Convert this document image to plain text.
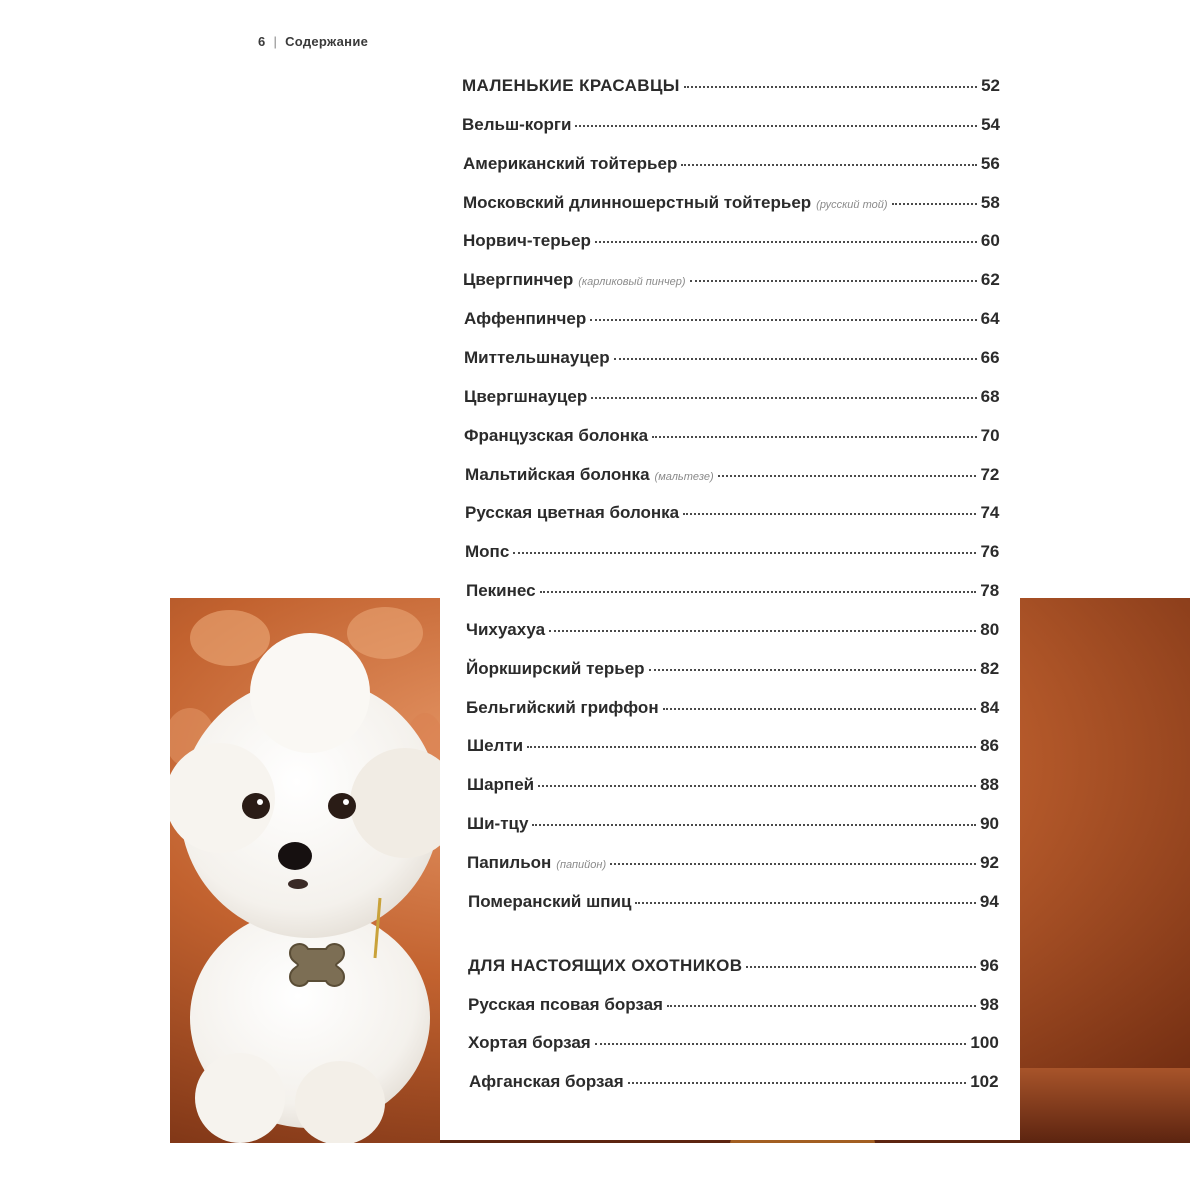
6 | Содержание
МАЛЕНЬКИЕ КРАСАВЦЫ	52
Вельш-корги	54
Американский тойтерьер	56
Московский длинношерстный тойтерьер (русский той)	58
Норвич-терьер	60
Цвергпинчер (карликовый пинчер)	62
Аффенпинчер	64
Миттельшнауцер	66
Цвергшнауцер	68
Французская болонка	70
Мальтийская болонка (мальтезе)	72
Русская цветная болонка	74
Мопс	76
Пекинес	78
Чихуахуа	80
Йоркширский терьер	82
Бельгийский гриффон	84
Шелти	86
Шарпей	88
Ши-тцу	90
Папильон (папийон)	92
Померанский шпиц	94
ДЛЯ НАСТОЯЩИХ ОХОТНИКОВ	96
Русская псовая борзая	98
Хортая борзая	100
Афганская борзая	102
